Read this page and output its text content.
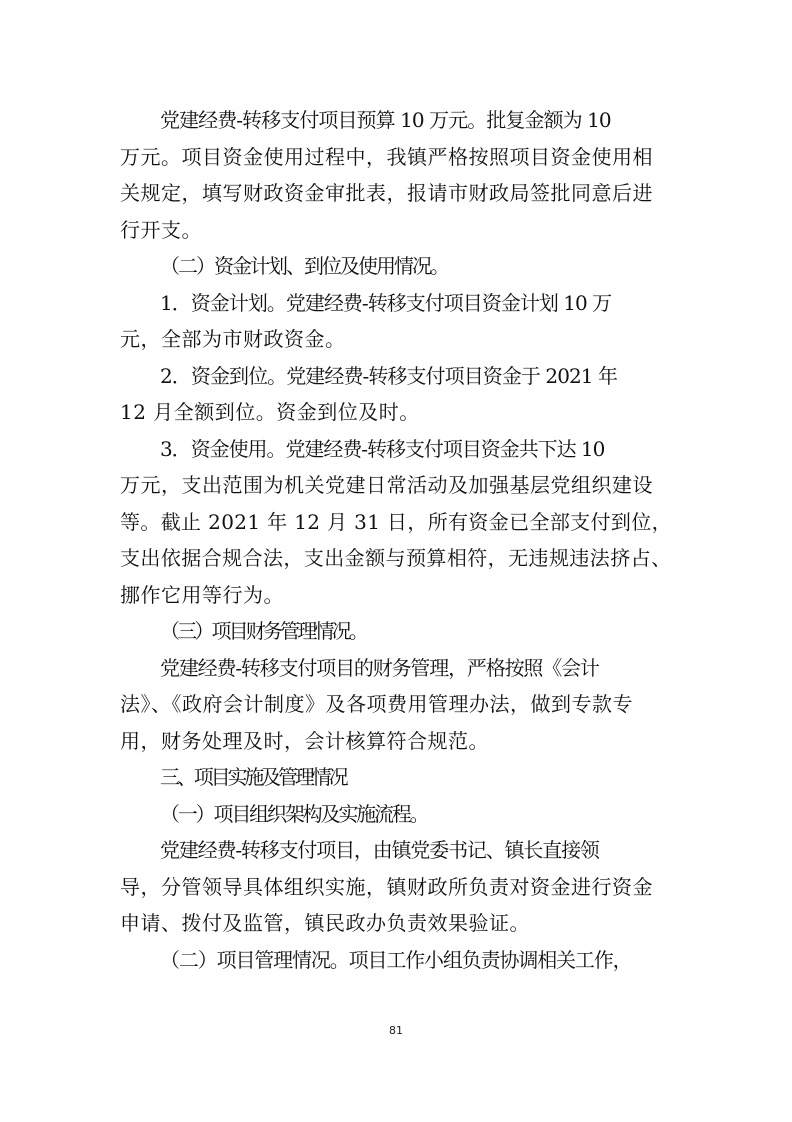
党建经费-转移支付项目预算 10 万元。批复金额为 10
万元。项目资金使用过程中，我镇严格按照项目资金使用相
关规定，填写财政资金审批表，报请市财政局签批同意后进
行开支。

（二）资金计划、到位及使用情况。

1．资金计划。党建经费-转移支付项目资金计划 10 万
元，全部为市财政资金。

2．资金到位。党建经费-转移支付项目资金于 2021 年
12 月全额到位。资金到位及时。

3．资金使用。党建经费-转移支付项目资金共下达 10
万元，支出范围为机关党建日常活动及加强基层党组织建设
等。截止 2021 年 12 月 31 日，所有资金已全部支付到位，
支出依据合规合法，支出金额与预算相符，无违规违法挤占、
挪作它用等行为。

（三）项目财务管理情况。

党建经费-转移支付项目的财务管理，严格按照《会计
法》、《政府会计制度》及各项费用管理办法，做到专款专
用，财务处理及时，会计核算符合规范。

三、项目实施及管理情况

（一）项目组织架构及实施流程。

党建经费-转移支付项目，由镇党委书记、镇长直接领
导，分管领导具体组织实施，镇财政所负责对资金进行资金
申请、拨付及监管，镇民政办负责效果验证。

（二）项目管理情况。项目工作小组负责协调相关工作，

81
